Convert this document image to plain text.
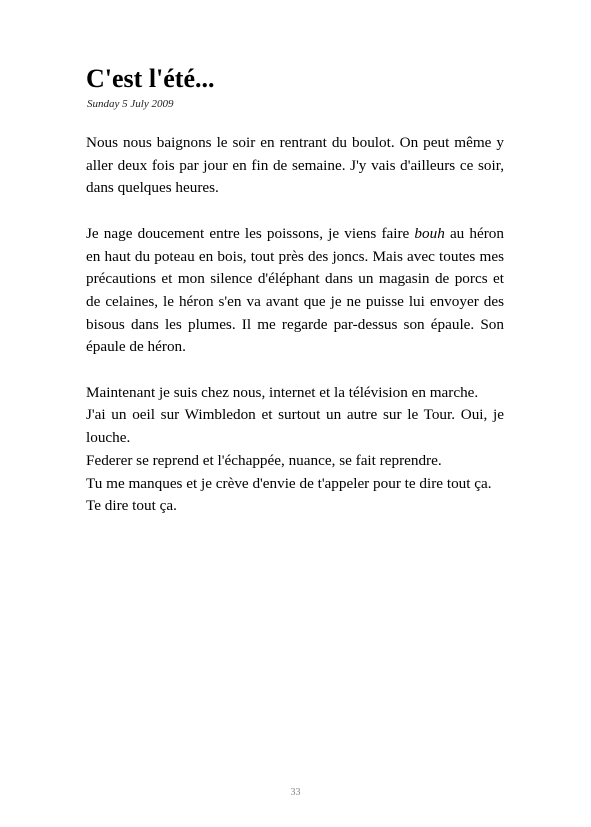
C'est l'été...
Sunday 5 July 2009

Nous nous baignons le soir en rentrant du boulot. On peut même y aller deux fois par jour en fin de semaine. J'y vais d'ailleurs ce soir, dans quelques heures.

Je nage doucement entre les poissons, je viens faire bouh au héron en haut du poteau en bois, tout près des joncs. Mais avec toutes mes précautions et mon silence d'éléphant dans un magasin de porcs et de celaines, le héron s'en va avant que je ne puisse lui envoyer des bisous dans les plumes. Il me regarde par-dessus son épaule. Son épaule de héron.

Maintenant je suis chez nous, internet et la télévision en marche.
J'ai un oeil sur Wimbledon et surtout un autre sur le Tour. Oui, je louche.
Federer se reprend et l'échappée, nuance, se fait reprendre.
Tu me manques et je crève d'envie de t'appeler pour te dire tout ça.
Te dire tout ça.
33
